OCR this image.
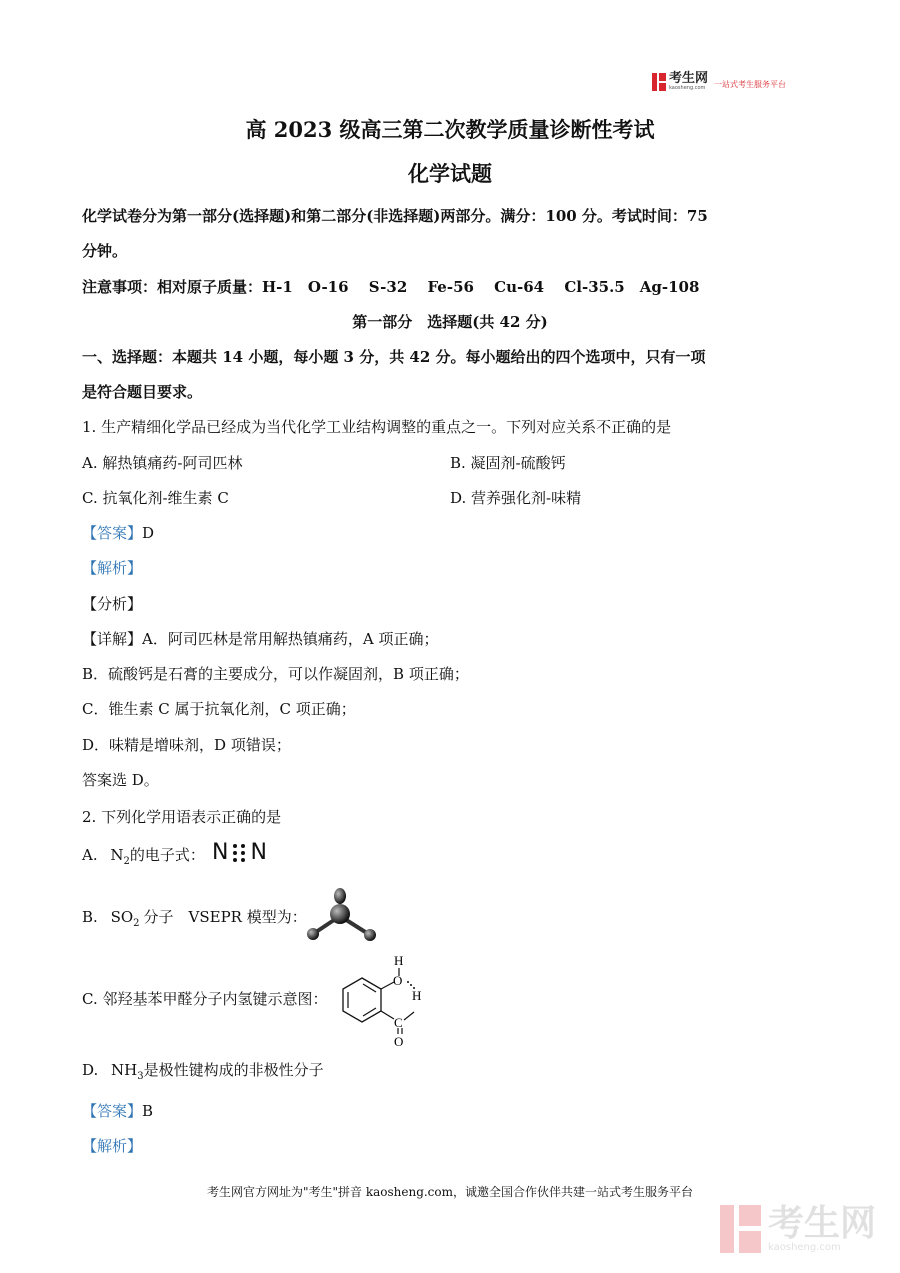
考生网
kaosheng.com	一站式考生服务平台
高 2023 级高三第二次教学质量诊断性考试
化学试题
化学试卷分为第一部分(选择题)和第二部分(非选择题)两部分。满分：100 分。考试时间：75
分钟。
注意事项：相对原子质量：H-1　O-16　 S-32 　Fe-56 　Cu-64 　Cl-35.5　Ag-108
第一部分　选择题(共 42 分)
一、选择题：本题共 14 小题，每小题 3 分，共 42 分。每小题给出的四个选项中，只有一项
是符合题目要求。
1. 生产精细化学品已经成为当代化学工业结构调整的重点之一。下列对应关系不正确的是
A. 解热镇痛药-阿司匹林	B. 凝固剂-硫酸钙
C. 抗氧化剂-维生素 C	D. 营养强化剂-味精
【答案】D
【解析】
【分析】
【详解】A．阿司匹林是常用解热镇痛药，A 项正确；
B．硫酸钙是石膏的主要成分，可以作凝固剂，B 项正确；
C．锥生素 C 属于抗氧化剂，C 项正确；
D．味精是增味剂，D 项错误；
答案选 D。
2. 下列化学用语表示正确的是
A. $N_2$的电子式： N N
B. $SO_2$ 分子　VSEPR 模型为：
C. 邻羟基苯甲醛分子内氢键示意图：
H
O
H
C
O
D. $NH_3$是极性键构成的非极性分子
【答案】B
【解析】
考生网官方网址为"考生"拼音 kaosheng.com，诚邀全国合作伙伴共建一站式考生服务平台
考生网
kaosheng.com
